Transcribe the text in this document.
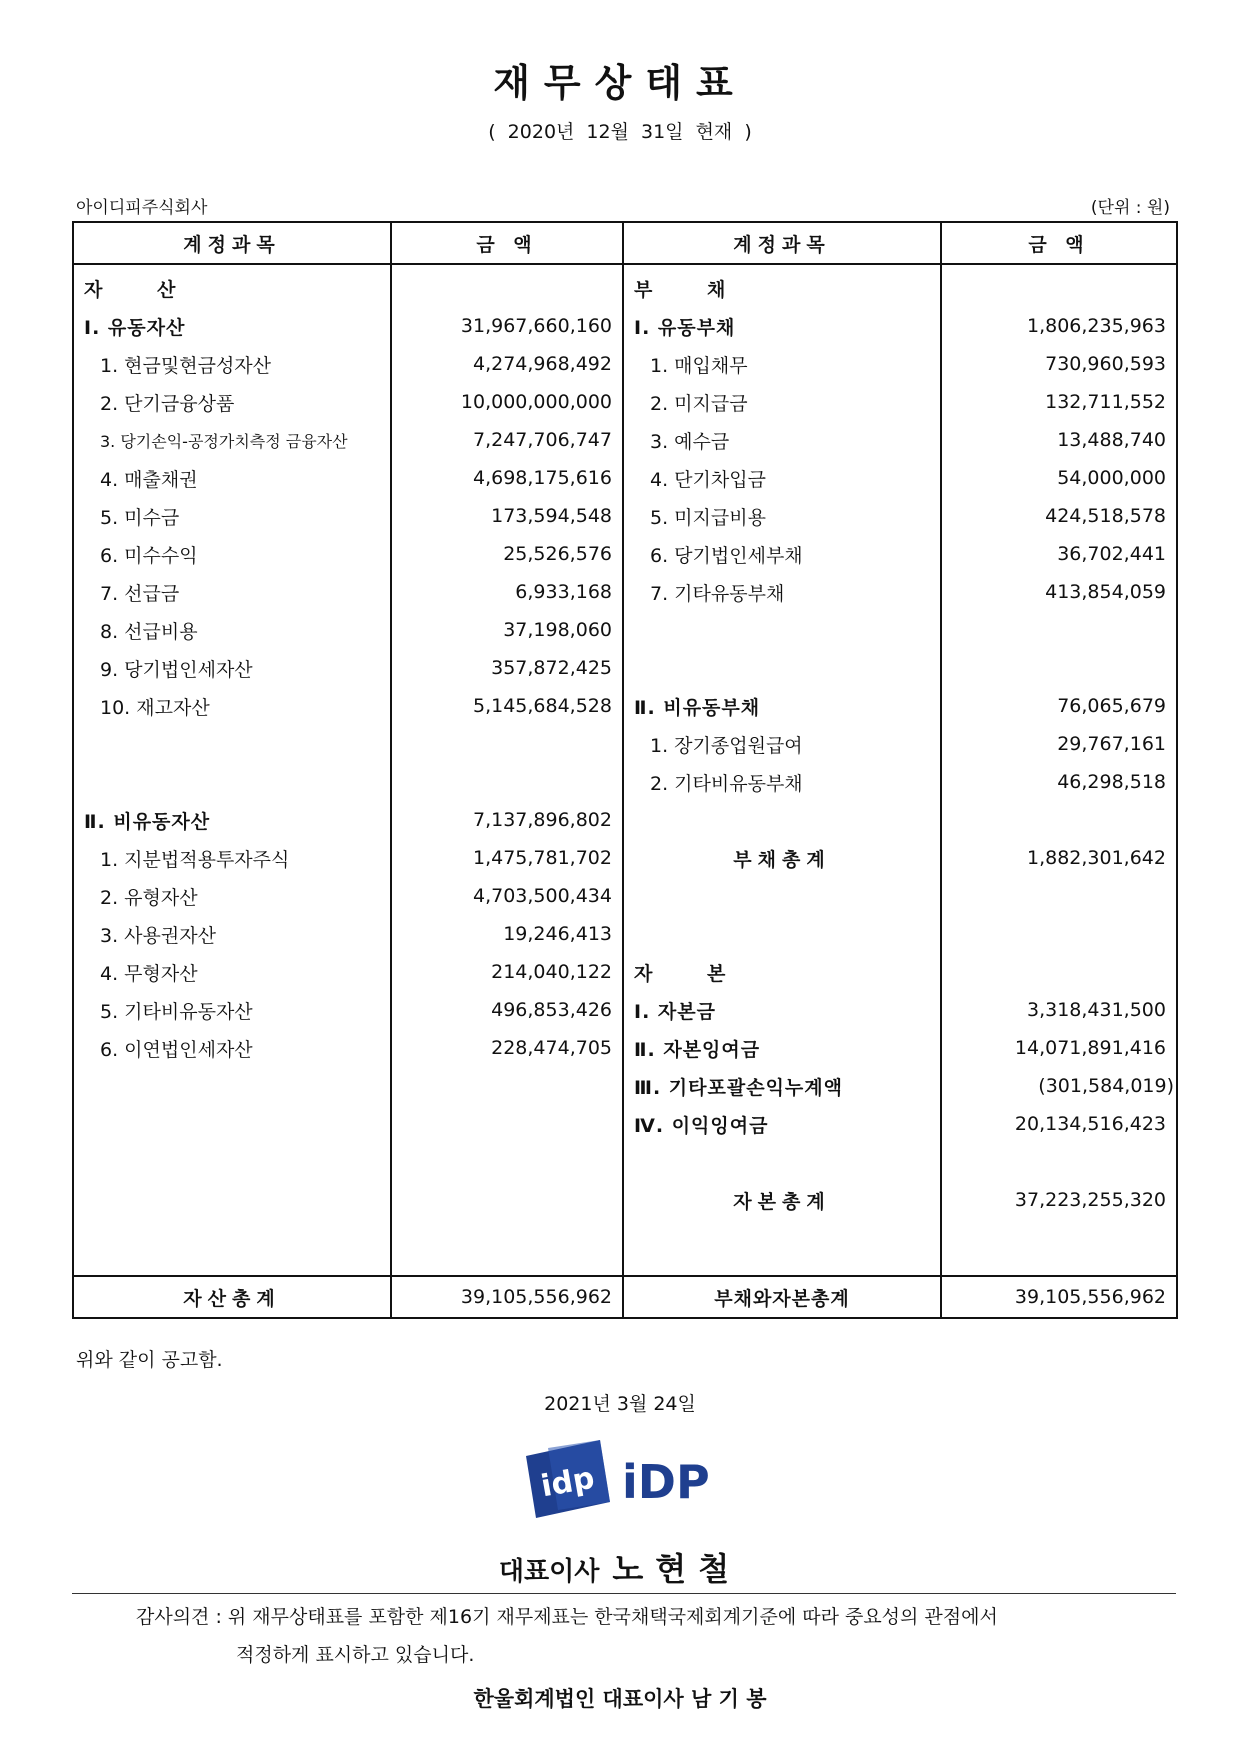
재무상태표
( 2020년 12월 31일 현재 )
아이디피주식회사	(단위 : 원)
계정과목	금 액	계정과목	금 액
자 산		부 채	
Ⅰ. 유동자산	31,967,660,160	Ⅰ. 유동부채	1,806,235,963
1. 현금및현금성자산	4,274,968,492	1. 매입채무	730,960,593
2. 단기금융상품	10,000,000,000	2. 미지급금	132,711,552
3. 당기손익-공정가치측정 금융자산	7,247,706,747	3. 예수금	13,488,740
4. 매출채권	4,698,175,616	4. 단기차입금	54,000,000
5. 미수금	173,594,548	5. 미지급비용	424,518,578
6. 미수수익	25,526,576	6. 당기법인세부채	36,702,441
7. 선급금	6,933,168	7. 기타유동부채	413,854,059
8. 선급비용	37,198,060		
9. 당기법인세자산	357,872,425		
10. 재고자산	5,145,684,528	Ⅱ. 비유동부채	76,065,679
		1. 장기종업원급여	29,767,161
		2. 기타비유동부채	46,298,518
Ⅱ. 비유동자산	7,137,896,802		
1. 지분법적용투자주식	1,475,781,702	부채총계	1,882,301,642
2. 유형자산	4,703,500,434		
3. 사용권자산	19,246,413		
4. 무형자산	214,040,122	자 본	
5. 기타비유동자산	496,853,426	Ⅰ. 자본금	3,318,431,500
6. 이연법인세자산	228,474,705	Ⅱ. 자본잉여금	14,071,891,416
		Ⅲ. 기타포괄손익누계액	(301,584,019)
		Ⅳ. 이익잉여금	20,134,516,423

		자본총계	37,223,255,320

자산총계	39,105,556,962	부채와자본총계	39,105,556,962
위와 같이 공고함.
2021년 3월 24일
idp iDP
대표이사 노현철
감사의견 : 위 재무상태표를 포함한 제16기 재무제표는 한국채택국제회계기준에 따라 중요성의 관점에서
적정하게 표시하고 있습니다.
한울회계법인 대표이사 남 기 봉
